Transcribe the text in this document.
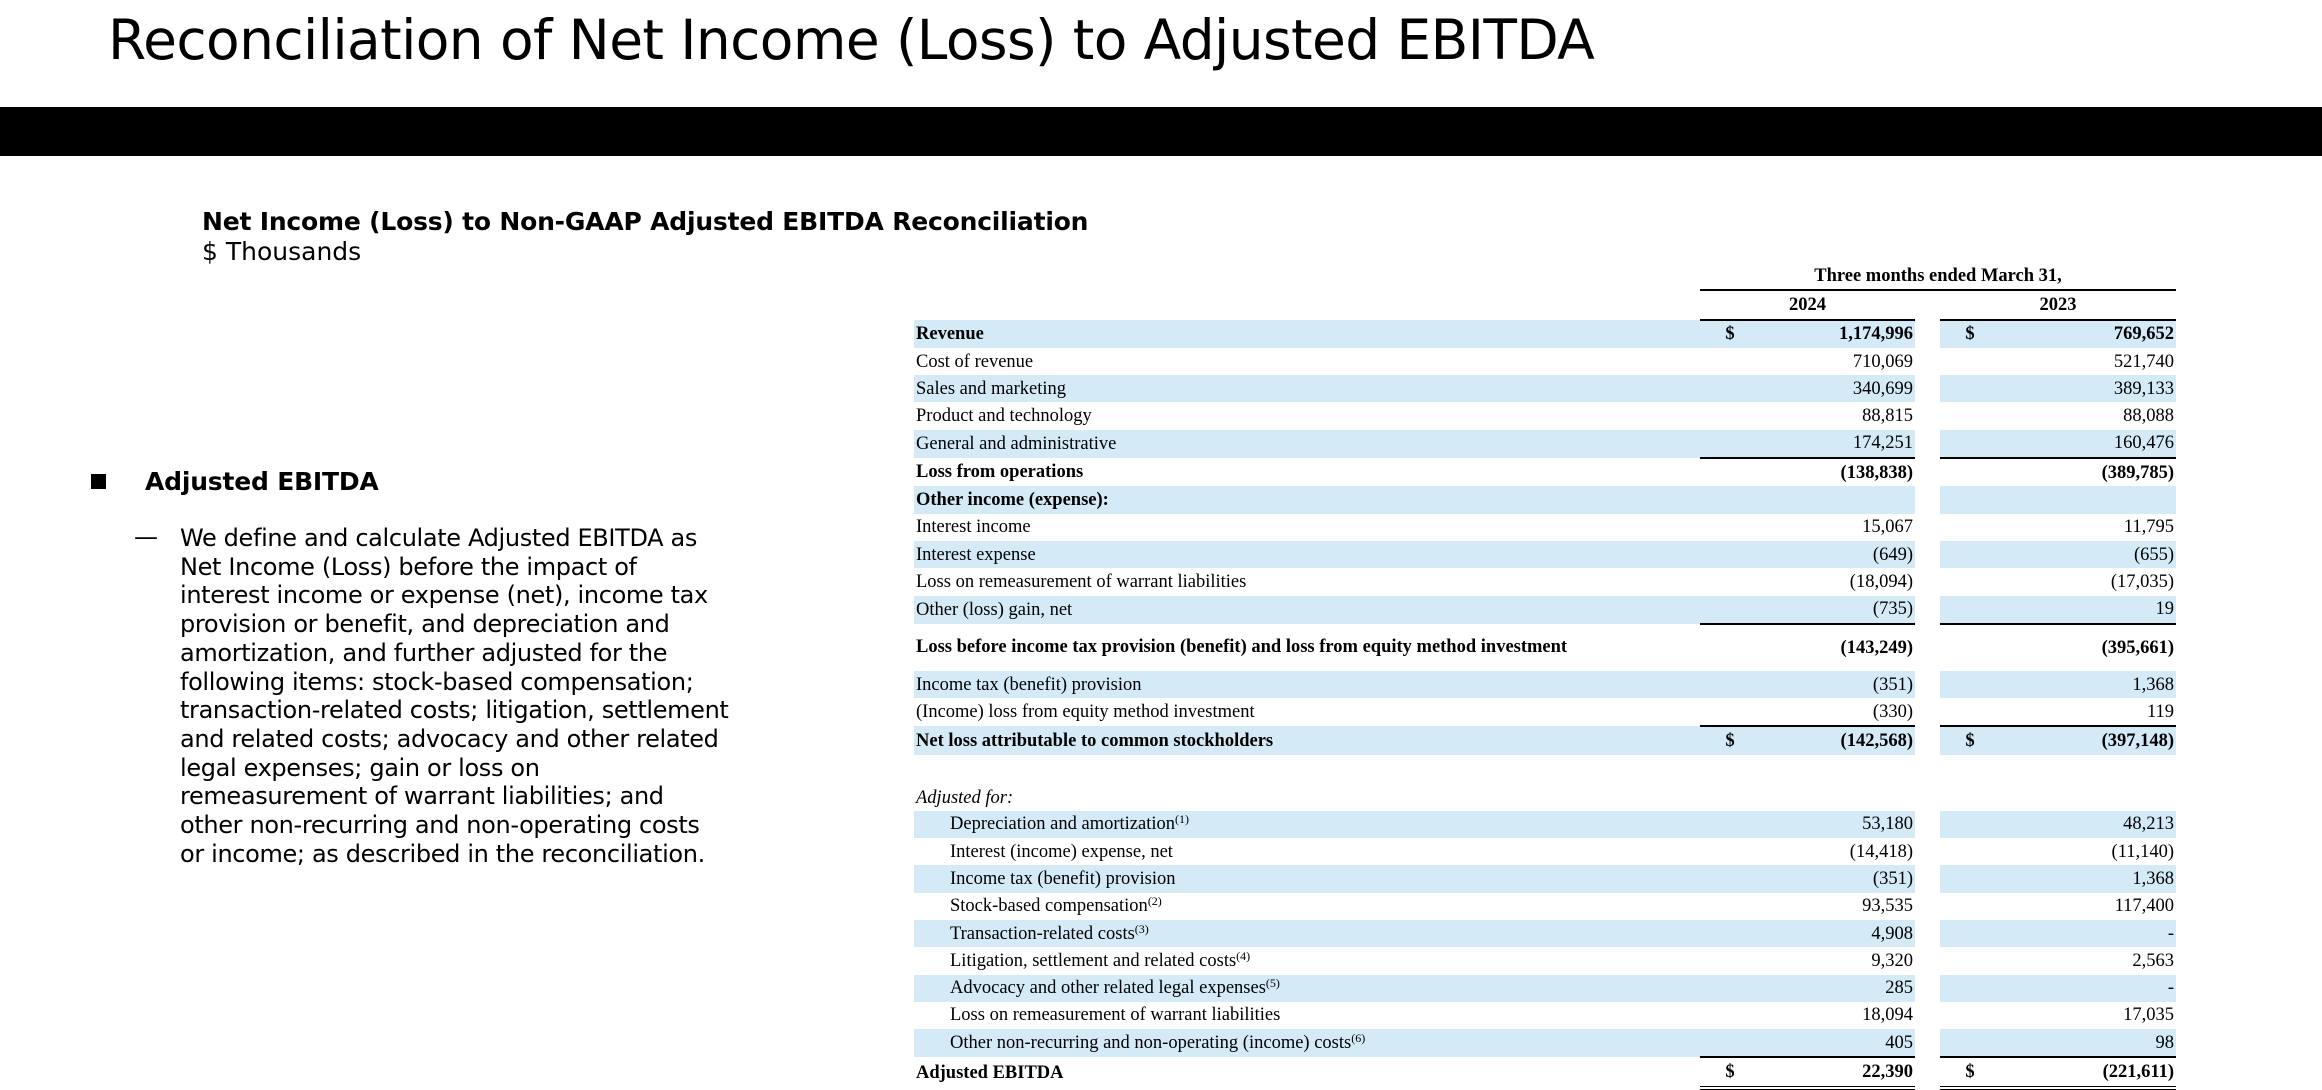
Reconciliation of Net Income (Loss) to Adjusted EBITDA
Net Income (Loss) to Non-GAAP Adjusted EBITDA Reconciliation
$ Thousands
Adjusted EBITDA
— We define and calculate Adjusted EBITDA as
Net Income (Loss) before the impact of
interest income or expense (net), income tax
provision or benefit, and depreciation and
amortization, and further adjusted for the
following items: stock-based compensation;
transaction-related costs; litigation, settlement
and related costs; advocacy and other related
legal expenses; gain or loss on
remeasurement of warrant liabilities; and
other non-recurring and non-operating costs
or income; as described in the reconciliation.
		Three months ended March 31,				
		2024			2023	
Revenue		$	1,174,996		$	769,652
Cost of revenue			710,069			521,740
Sales and marketing			340,699			389,133
Product and technology			88,815			88,088
General and administrative			174,251			160,476
Loss from operations			(138,838)			(389,785)
Other income (expense):						
Interest income			15,067			11,795
Interest expense			(649)			(655)
Loss on remeasurement of warrant liabilities			(18,094)			(17,035)
Other (loss) gain, net			(735)			19
Loss before income tax provision (benefit) and loss from equity method investment			(143,249)			(395,661)
Income tax (benefit) provision			(351)			1,368
(Income) loss from equity method investment			(330)			119
Net loss attributable to common stockholders		$	(142,568)		$	(397,148)
Adjusted for:						
Depreciation and amortization$^{(1)}$			53,180			48,213
Interest (income) expense, net			(14,418)			(11,140)
Income tax (benefit) provision			(351)			1,368
Stock-based compensation$^{(2)}$			93,535			117,400
Transaction-related costs$^{(3)}$			4,908			-
Litigation, settlement and related costs$^{(4)}$			9,320			2,563
Advocacy and other related legal expenses$^{(5)}$			285			-
Loss on remeasurement of warrant liabilities			18,094			17,035
Other non-recurring and non-operating (income) costs$^{(6)}$			405			98
Adjusted EBITDA		$	22,390		$	(221,611)
